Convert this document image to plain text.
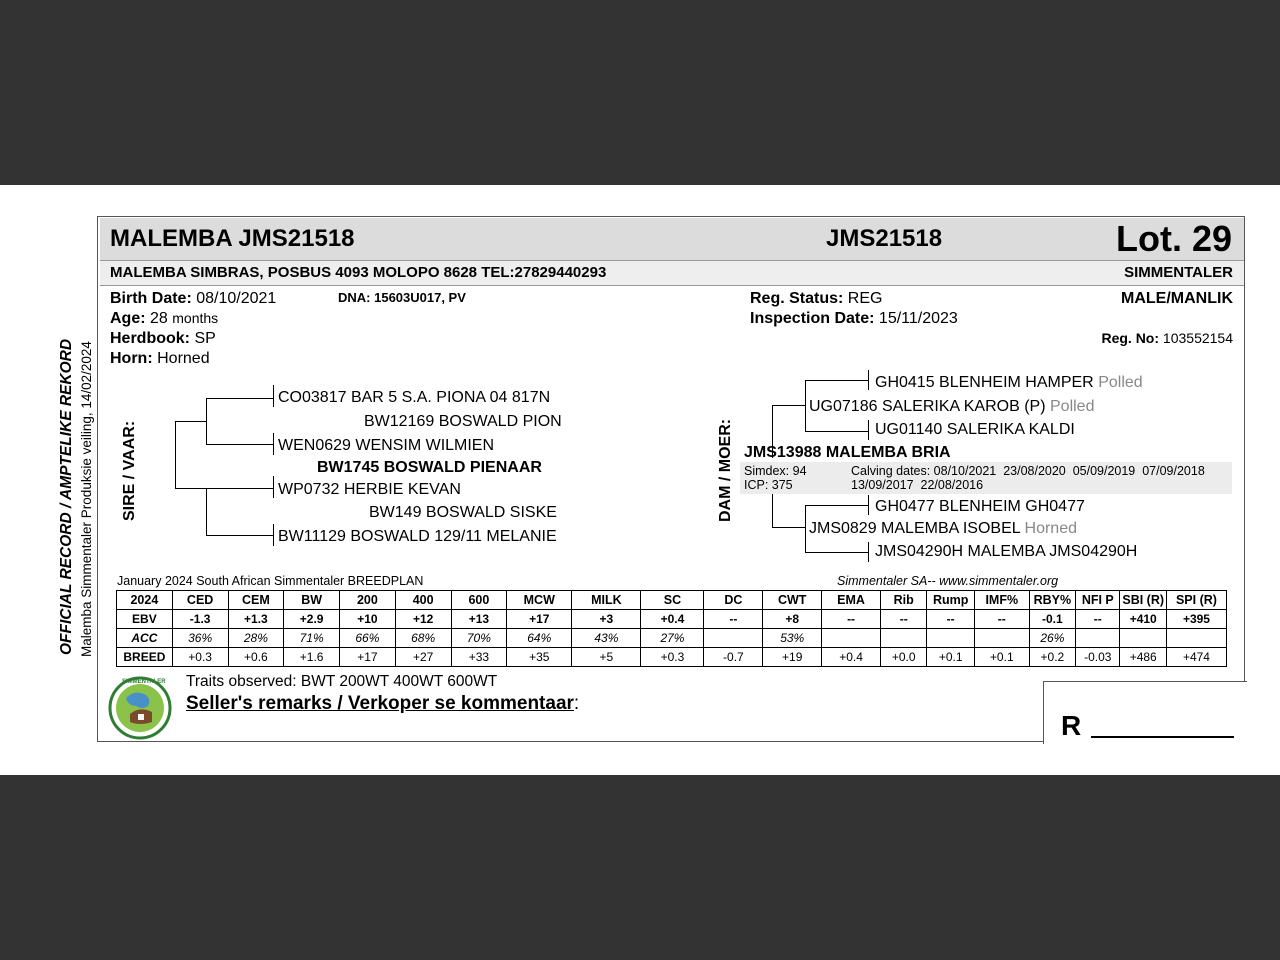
MALEMBA JMS21518	JMS21518	Lot. 29
MALEMBA SIMBRAS, POSBUS 4093 MOLOPO 8628 TEL:27829440293	SIMMENTALER
Birth Date: 08/10/2021	DNA: 15603U017, PV
Age: 28 months
Herdbook: SP
Horn: Horned
Reg. Status: REG
Inspection Date: 15/11/2023
MALE/MANLIK
Reg. No: 103552154
OFFICIAL RECORD / AMPTELIKE REKORD Malemba Simmentaler Produksie veiling, 14/02/2024 SIRE / VAAR:
CO03817 BAR 5 S.A. PIONA 04 817N
BW12169 BOSWALD PION
WEN0629 WENSIM WILMIEN
BW1745 BOSWALD PIENAAR
WP0732 HERBIE KEVAN
BW149 BOSWALD SISKE
BW11129 BOSWALD 129/11 MELANIE
DAM / MOER:
GH0415 BLENHEIM HAMPER Polled
UG07186 SALERIKA KAROB (P) Polled
UG01140 SALERIKA KALDI
JMS13988 MALEMBA BRIA
Simdex: 94
ICP: 375
Calving dates: 08/10/2021  23/08/2020  05/09/2019  07/09/2018
13/09/2017  22/08/2016
GH0477 BLENHEIM GH0477
JMS0829 MALEMBA ISOBEL Horned
JMS04290H MALEMBA JMS04290H
January 2024 South African Simmentaler BREEDPLAN	Simmentaler SA-- www.simmentaler.org
2024	CED	CEM	BW	200	400	600	MCW	MILK	SC	DC	CWT	EMA	Rib	Rump	IMF%	RBY%	NFI P	SBI (R)	SPI (R)
EBV	-1.3	+1.3	+2.9	+10	+12	+13	+17	+3	+0.4	--	+8	--	--	--	--	-0.1	--	+410	+395
ACC	36%	28%	71%	66%	68%	70%	64%	43%	27%		53%					26%			
BREED	+0.3	+0.6	+1.6	+17	+27	+33	+35	+5	+0.3	-0.7	+19	+0.4	+0.0	+0.1	+0.1	+0.2	-0.03	+486	+474
SIMMENTALER Traits observed: BWT 200WT 400WT 600WT
Seller's remarks / Verkoper se kommentaar:
R
